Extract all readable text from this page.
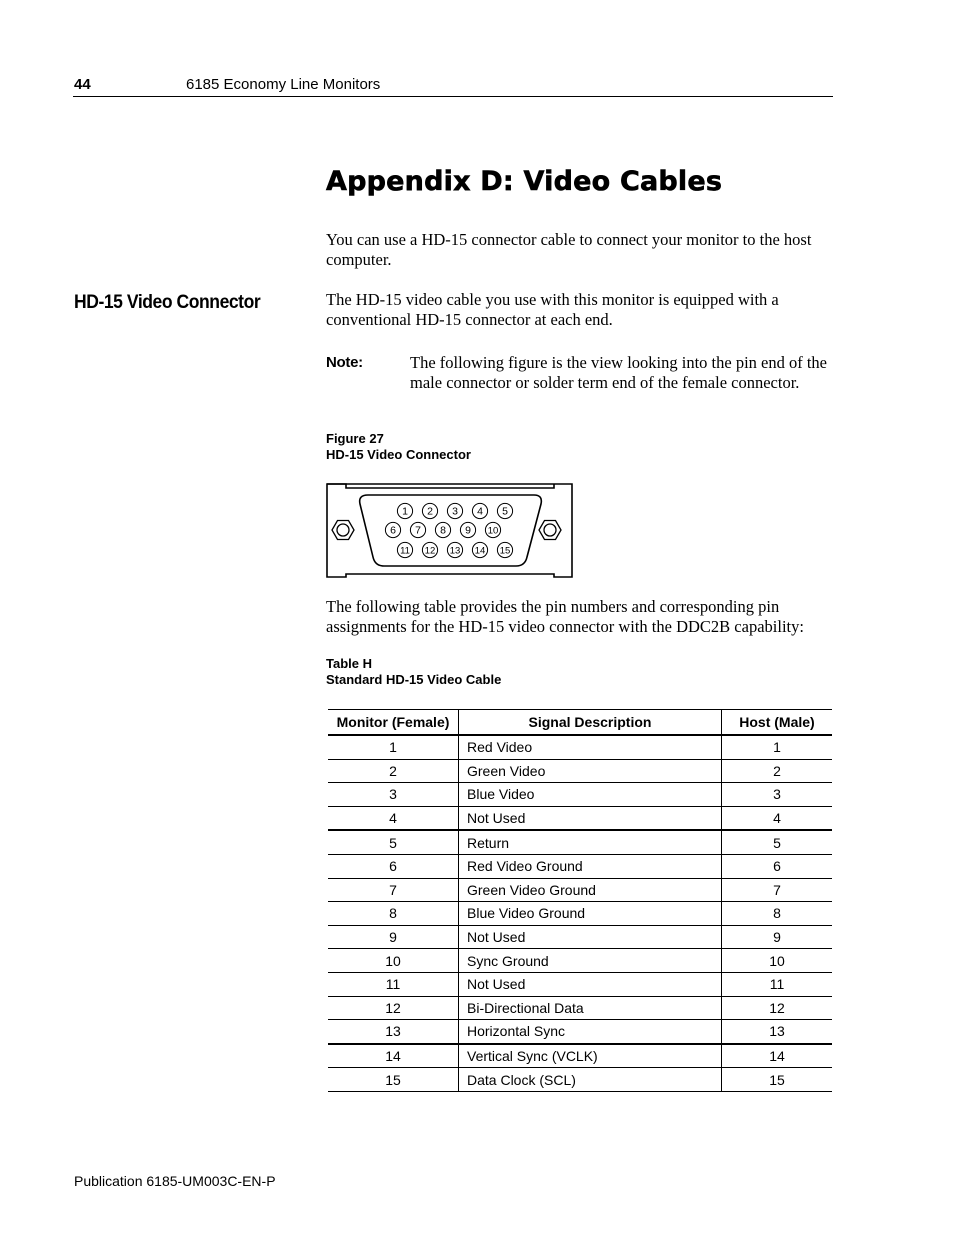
44	6185 Economy Line Monitors
Appendix D: Video Cables
You can use a HD-15 connector cable to connect your monitor to the host computer.
HD-15 Video Connector	The HD-15 video cable you use with this monitor is equipped with a conventional HD-15 connector at each end.
Note:	The following figure is the view looking into the pin end of the male connector or solder term end of the female connector.
Figure 27
HD-15 Video Connector
1 2 3 4 5
6 7 8 9 10
11 12 13 14 15
The following table provides the pin numbers and corresponding pin assignments for the HD-15 video connector with the DDC2B capability:
Table H
Standard HD-15 Video Cable
Monitor (Female)	Signal Description	Host (Male)
1	Red Video	1
2	Green Video	2
3	Blue Video	3
4	Not Used	4
5	Return	5
6	Red Video Ground	6
7	Green Video Ground	7
8	Blue Video Ground	8
9	Not Used	9
10	Sync Ground	10
11	Not Used	11
12	Bi-Directional Data	12
13	Horizontal Sync	13
14	Vertical Sync (VCLK)	14
15	Data Clock (SCL)	15
Publication 6185-UM003C-EN-P
